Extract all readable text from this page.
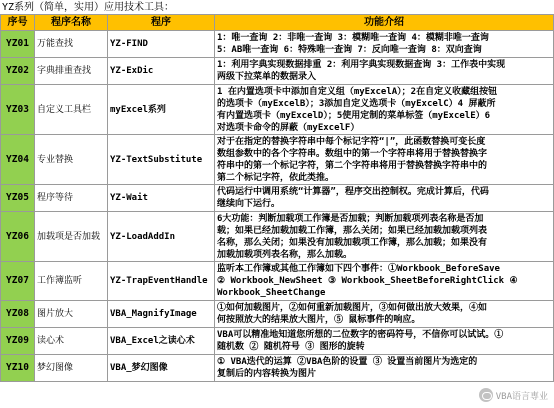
YZ系列（简单，实用）应用技术工具：
序号	程序名称	程序	功能介绍
YZ01	万能查找	YZ-FIND	1：唯一查询 2：非唯一查询 3：模糊唯一查询 4：模糊非唯一查询
5：AB唯一查询 6：特殊唯一查询 7：反向唯一查询 8：双向查询

YZ02	字典排重查找	YZ-ExDic	1：利用字典实现数据排重 2：利用字典实现数据查询 3：工作表中实现
两级下拉菜单的数据录入

YZ03	自定义工具栏	myExcel系列	1 在内置选项卡中添加自定义组（myExcelA）；2在自定义收藏组按钮
的选项卡（myExcelB）；3添加自定义选项卡（myExcelC）4 屏蔽所
有内置选项卡（myExcelD）；5使用定制的菜单标签（myExcelE）6
对选项卡命令的屏蔽（myExcelF）

YZ04	专业替换	YZ-TextSubstitute	对于在指定的替换字符串中每个标记字符“|”，此函数替换可变长度
数组参数中的各个字符串。数组中的第一个字符串将用于替换替换字
符串中的第一个标记字符，第二个字符串将用于替换替换字符串中的
第二个标记字符，依此类推。

YZ05	程序等待	YZ-Wait	代码运行中调用系统“计算器”，程序交出控制权。完成计算后，代码
继续向下运行。

YZ06	加载项是否加载	YZ-LoadAddIn	6大功能：判断加载项工作簿是否加载；判断加载项列表名称是否加
载；如果已经加载加载工作簿，那么关闭；如果已经加载加载项列表
名称，那么关闭；如果没有加载加载项工作簿，那么加载；如果没有
加载加载项列表名称，那么加载。

YZ07	工作簿监听	YZ-TrapEventHandle	监听本工作簿或其他工作簿如下四个事件：①Workbook_BeforeSave
② Workbook_NewSheet ③ Workbook_SheetBeforeRightClick ④
Workbook_SheetChange

YZ08	图片放大	VBA_MagnifyImage	①如何加载图片，②如何重新加载图片，③如何做出放大效果，④如
何按照放大的结果放大图片，⑤ 鼠标事件的响应。

YZ09	读心术	VBA_Excel之读心术	VBA可以精准地知道您所想的二位数字的密码符号，不信你可以试试。①
随机数 ② 随机符号 ③ 图形的旋转

YZ10	梦幻图像	VBA_梦幻图像	① VBA迭代的运算 ②VBA色阶的设置 ③ 设置当前图片为选定的
复制后的内容转换为图片
VBA语言専业
